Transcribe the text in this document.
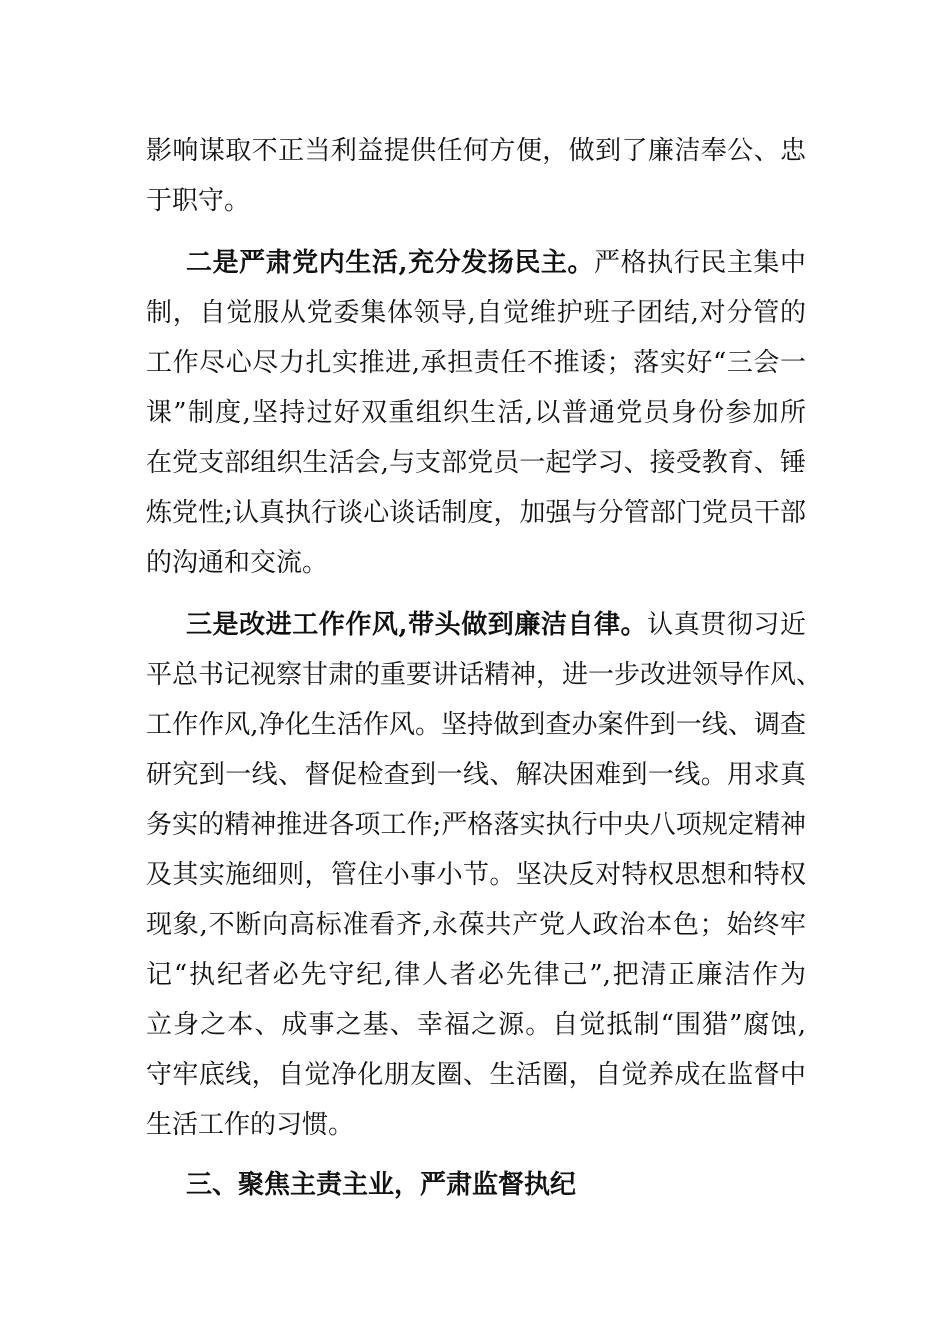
影响谋取不正当利益提供任何方便，做到了廉洁奉公、忠
于职守。
二是严肃党内生活,充分发扬民主。严格执行民主集中
制，自觉服从党委集体领导,自觉维护班子团结,对分管的
工作尽心尽力扎实推进,承担责任不推诿；落实好“三会一
课”制度,坚持过好双重组织生活,以普通党员身份参加所
在党支部组织生活会,与支部党员一起学习、接受教育、锤
炼党性;认真执行谈心谈话制度，加强与分管部门党员干部
的沟通和交流。
三是改进工作作风,带头做到廉洁自律。认真贯彻习近
平总书记视察甘肃的重要讲话精神，进一步改进领导作风、
工作作风,净化生活作风。坚持做到查办案件到一线、调查
研究到一线、督促检查到一线、解决困难到一线。用求真
务实的精神推进各项工作;严格落实执行中央八项规定精神
及其实施细则，管住小事小节。坚决反对特权思想和特权
现象,不断向高标准看齐,永葆共产党人政治本色；始终牢
记“执纪者必先守纪,律人者必先律己”,把清正廉洁作为
立身之本、成事之基、幸福之源。自觉抵制“围猎”腐蚀,
守牢底线，自觉净化朋友圈、生活圈，自觉养成在监督中
生活工作的习惯。
三、聚焦主责主业，严肃监督执纪
